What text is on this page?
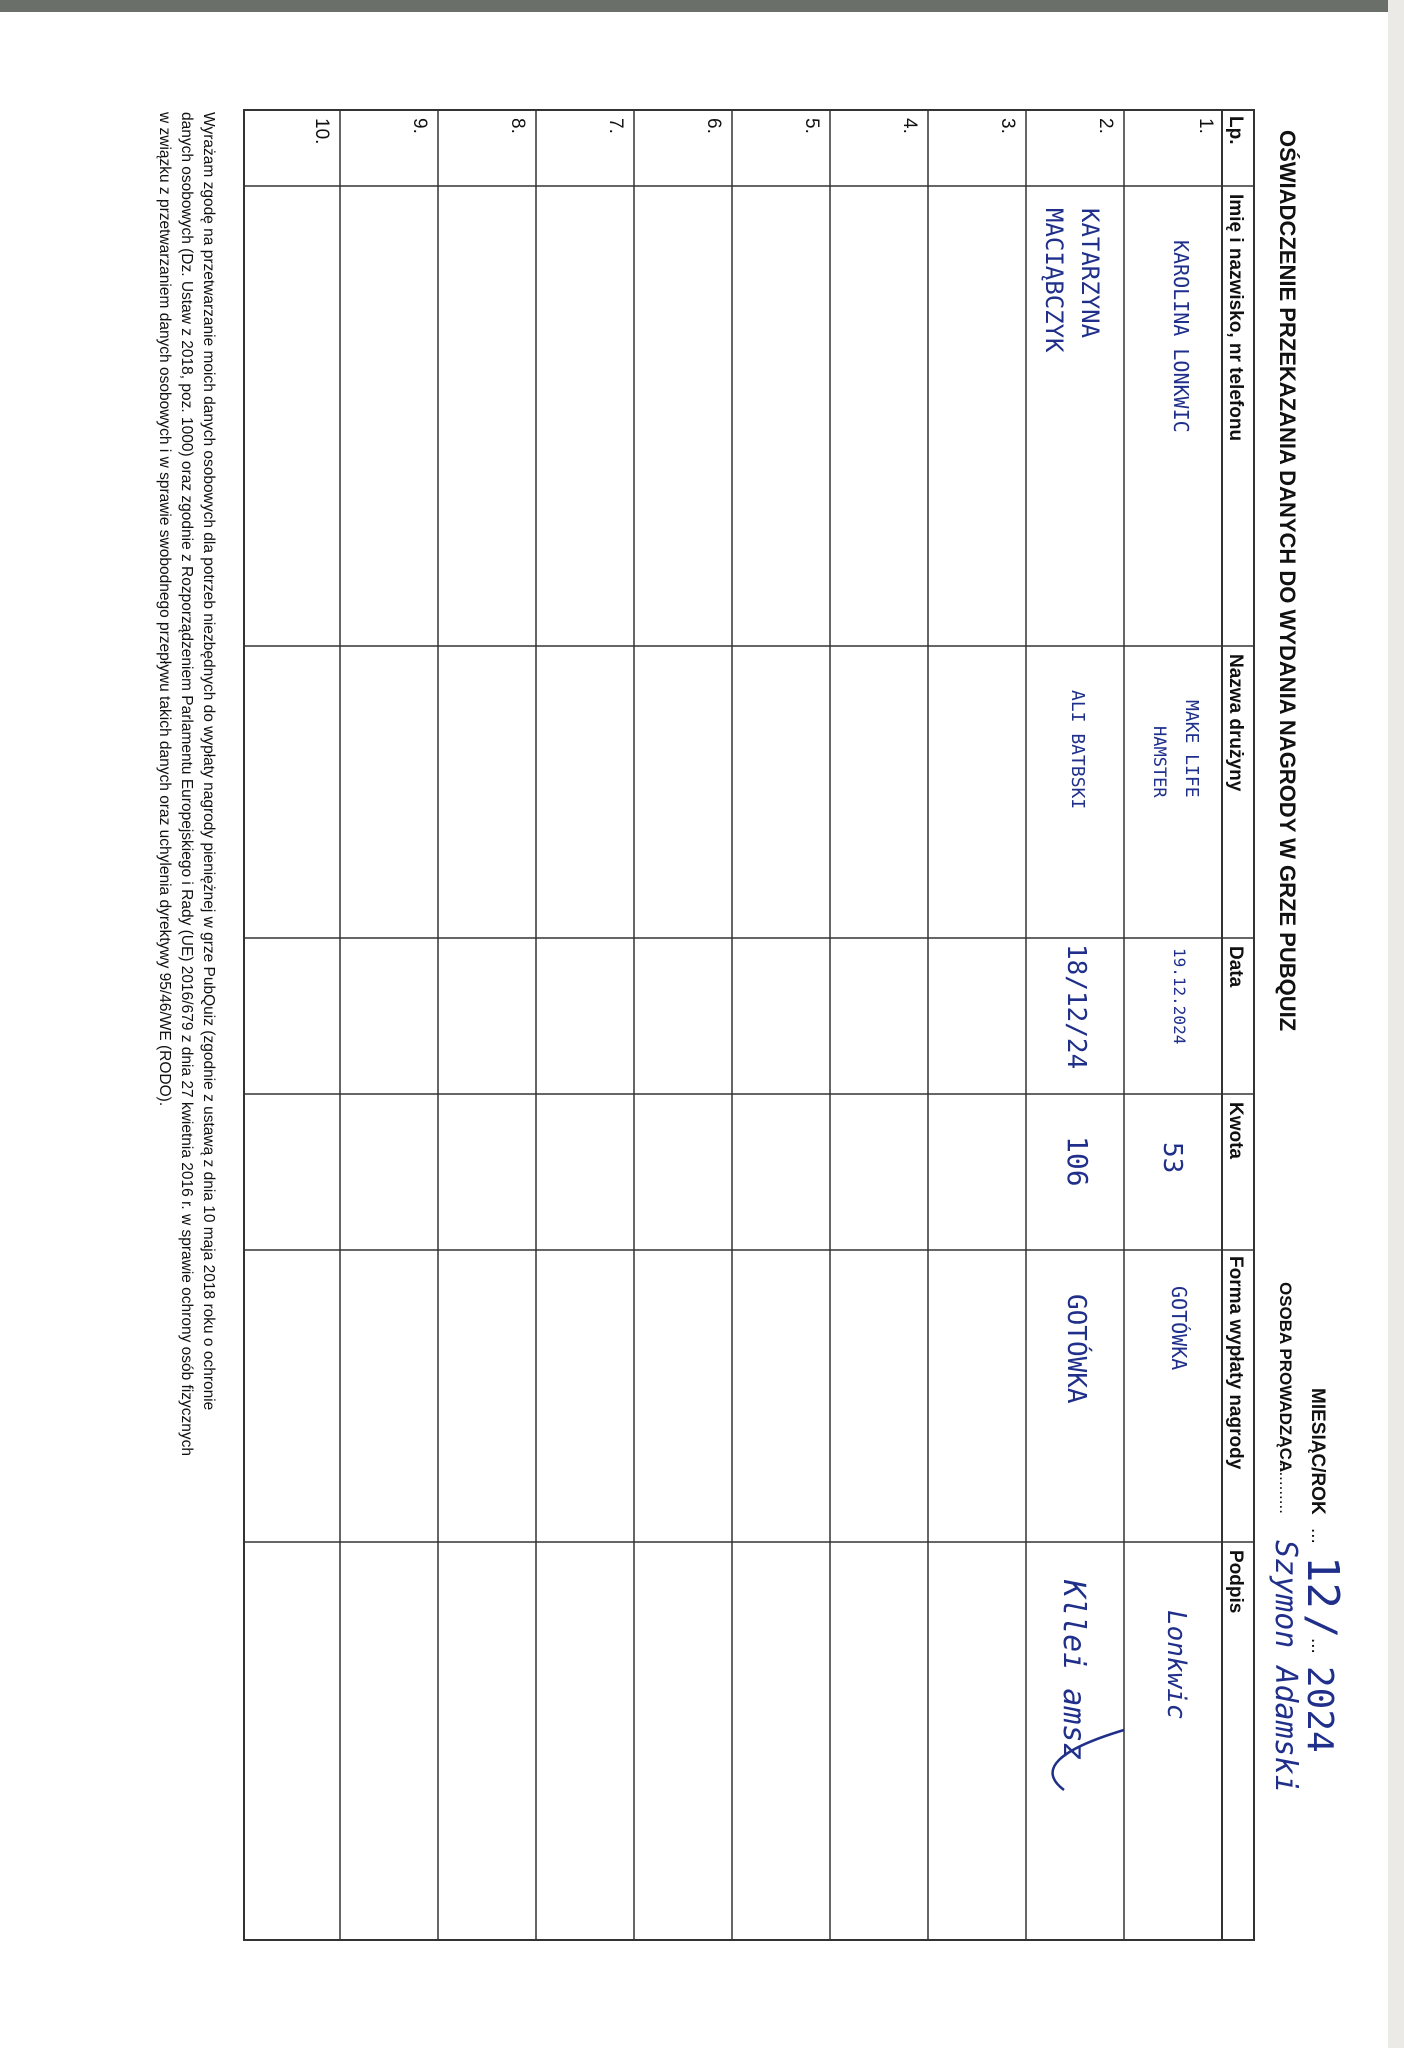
MIESIĄC/ROK
...
12
/
...
2024
OSOBA PROWADZĄCA
...........
Szymon Adamski
OŚWIADCZENIE PRZEKAZANIA DANYCH DO WYDANIA NAGRODY W GRZE PUBQUIZ
Lp.
Imię i nazwisko, nr telefonu
Nazwa drużyny
Data
Kwota
Forma wypłaty nagrody
Podpis
1.
2.
3.
4.
5.
6.
7.
8.
9.
10.
KAROLINA LONKWIC
MAKE LIFE
HAMSTER
19.12.2024
53
GOTÓWKA
Lonkwic
KATARZYNA
MACIĄBCZYK
ALI BATBSKI
18/12/24
106
GOTÓWKA
Kllei amsz
Wyrażam zgodę na przetwarzanie moich danych osobowych dla potrzeb niezbędnych do wypłaty nagrody pieniężnej w grze PubQuiz (zgodnie z ustawą z dnia 10 maja 2018 roku o ochronie
danych osobowych (Dz. Ustaw z 2018, poz. 1000) oraz zgodnie z Rozporządzeniem Parlamentu Europejskiego i Rady (UE) 2016/679 z dnia 27 kwietnia 2016 r. w sprawie ochrony osób fizycznych
w związku z przetwarzaniem danych osobowych i w sprawie swobodnego przepływu takich danych oraz uchylenia dyrektywy 95/46/WE (RODO).
